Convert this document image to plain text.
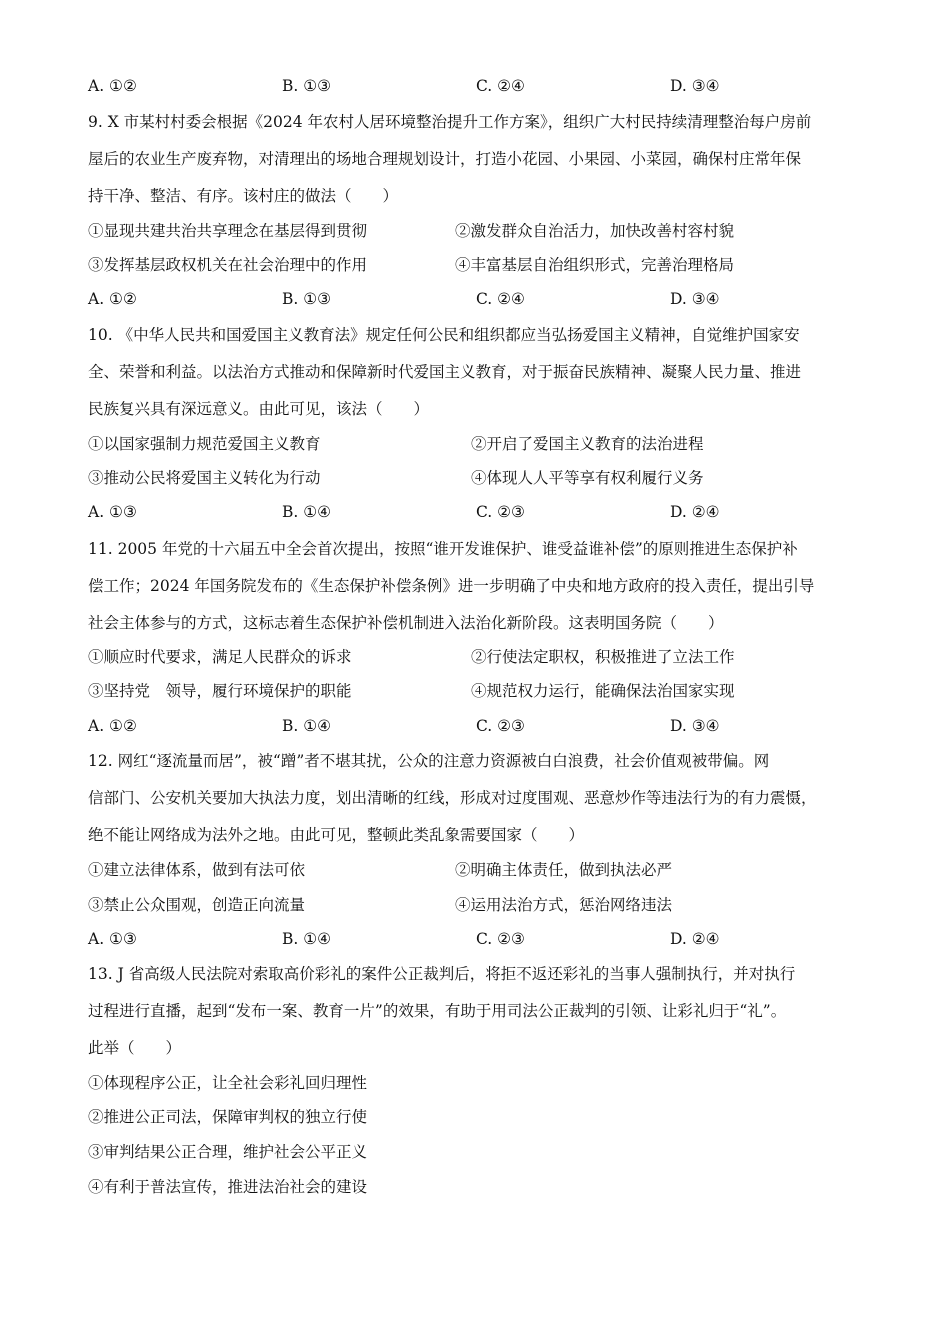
A. ①②	B. ①③	C. ②④	D. ③④
9. X 市某村村委会根据《2024 年农村人居环境整治提升工作方案》，组织广大村民持续清理整治每户房前
屋后的农业生产废弃物，对清理出的场地合理规划设计，打造小花园、小果园、小菜园，确保村庄常年保
持干净、整洁、有序。该村庄的做法（　　）
①显现共建共治共享理念在基层得到贯彻	②激发群众自治活力，加快改善村容村貌
③发挥基层政权机关在社会治理中的作用	④丰富基层自治组织形式，完善治理格局
A. ①②	B. ①③	C. ②④	D. ③④
10. 《中华人民共和国爱国主义教育法》规定任何公民和组织都应当弘扬爱国主义精神，自觉维护国家安
全、荣誉和利益。以法治方式推动和保障新时代爱国主义教育，对于振奋民族精神、凝聚人民力量、推进
民族复兴具有深远意义。由此可见，该法（　　）
①以国家强制力规范爱国主义教育	②开启了爱国主义教育的法治进程
③推动公民将爱国主义转化为行动	④体现人人平等享有权利履行义务
A. ①③	B. ①④	C. ②③	D. ②④
11. 2005 年党的十六届五中全会首次提出，按照“谁开发谁保护、谁受益谁补偿”的原则推进生态保护补
偿工作；2024 年国务院发布的《生态保护补偿条例》进一步明确了中央和地方政府的投入责任，提出引导
社会主体参与的方式，这标志着生态保护补偿机制进入法治化新阶段。这表明国务院（　　）
①顺应时代要求，满足人民群众的诉求	②行使法定职权，积极推进了立法工作
③坚持党　领导，履行环境保护的职能	④规范权力运行，能确保法治国家实现
A. ①②	B. ①④	C. ②③	D. ③④
12. 网红“逐流量而居”，被“蹭”者不堪其扰，公众的注意力资源被白白浪费，社会价值观被带偏。网
信部门、公安机关要加大执法力度，划出清晰的红线，形成对过度围观、恶意炒作等违法行为的有力震慑，
绝不能让网络成为法外之地。由此可见，整顿此类乱象需要国家（　　）
①建立法律体系，做到有法可依	②明确主体责任，做到执法必严
③禁止公众围观，创造正向流量	④运用法治方式，惩治网络违法
A. ①③	B. ①④	C. ②③	D. ②④
13. J 省高级人民法院对索取高价彩礼的案件公正裁判后，将拒不返还彩礼的当事人强制执行，并对执行
过程进行直播，起到“发布一案、教育一片”的效果，有助于用司法公正裁判的引领、让彩礼归于“礼”。
此举（　　）
①体现程序公正，让全社会彩礼回归理性
②推进公正司法，保障审判权的独立行使
③审判结果公正合理，维护社会公平正义
④有利于普法宣传，推进法治社会的建设
